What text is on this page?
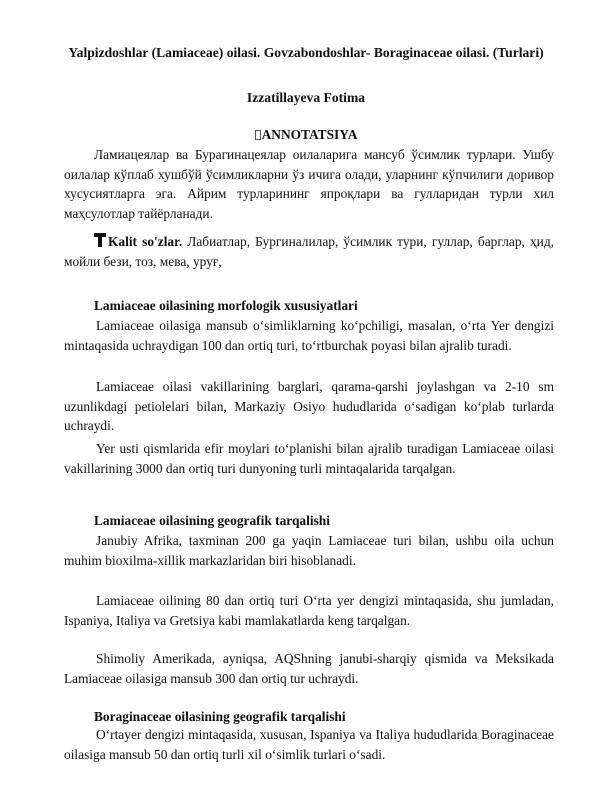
Yalpizdoshlar (Lamiaceae) oilasi. Govzabondoshlar- Boraginaceae oilasi. (Turlari)
Izzatillayeva Fotima
ANNOTATSIYA

Ламиацеялар ва Бурагинацеялар оилаларига мансуб ўсимлик турлари. Ушбу оилалар кўплаб хушбўй ўсимликларни ўз ичига олади, уларнинг кўпчилиги доривор хусусиятларга эга. Айрим турларининг япроқлари ва гулларидан турли хил маҳсулотлар тайёрланади.

Kalit so'zlar. Лабиатлар, Бургиналилар, ўсимлик тури, гуллар, барглар, ҳид, мойли бези, тоз, мева, уруғ,

Lamiaceae oilasining morfologik xususiyatlari

Lamiaceae oilasiga mansub o‘simliklarning ko‘pchiligi, masalan, o‘rta Yer dengizi mintaqasida uchraydigan 100 dan ortiq turi, to‘rtburchak poyasi bilan ajralib turadi.

Lamiaceae oilasi vakillarining barglari, qarama-qarshi joylashgan va 2-10 sm uzunlikdagi petiolelari bilan, Markaziy Osiyo hududlarida o‘sadigan ko‘plab turlarda uchraydi.

Yer usti qismlarida efir moylari to‘planishi bilan ajralib turadigan Lamiaceae oilasi vakillarining 3000 dan ortiq turi dunyoning turli mintaqalarida tarqalgan.

Lamiaceae oilasining geografik tarqalishi

Janubiy Afrika, taxminan 200 ga yaqin Lamiaceae turi bilan, ushbu oila uchun muhim bioxilma-xillik markazlaridan biri hisoblanadi.

Lamiaceae oilining 80 dan ortiq turi O‘rta yer dengizi mintaqasida, shu jumladan, Ispaniya, Italiya va Gretsiya kabi mamlakatlarda keng tarqalgan.

Shimoliy Amerikada, ayniqsa, AQShning janubi-sharqiy qismida va Meksikada Lamiaceae oilasiga mansub 300 dan ortiq tur uchraydi.

Boraginaceae oilasining geografik tarqalishi

O‘rtayer dengizi mintaqasida, xususan, Ispaniya va Italiya hududlarida Boraginaceae oilasiga mansub 50 dan ortiq turli xil o‘simlik turlari o‘sadi.
